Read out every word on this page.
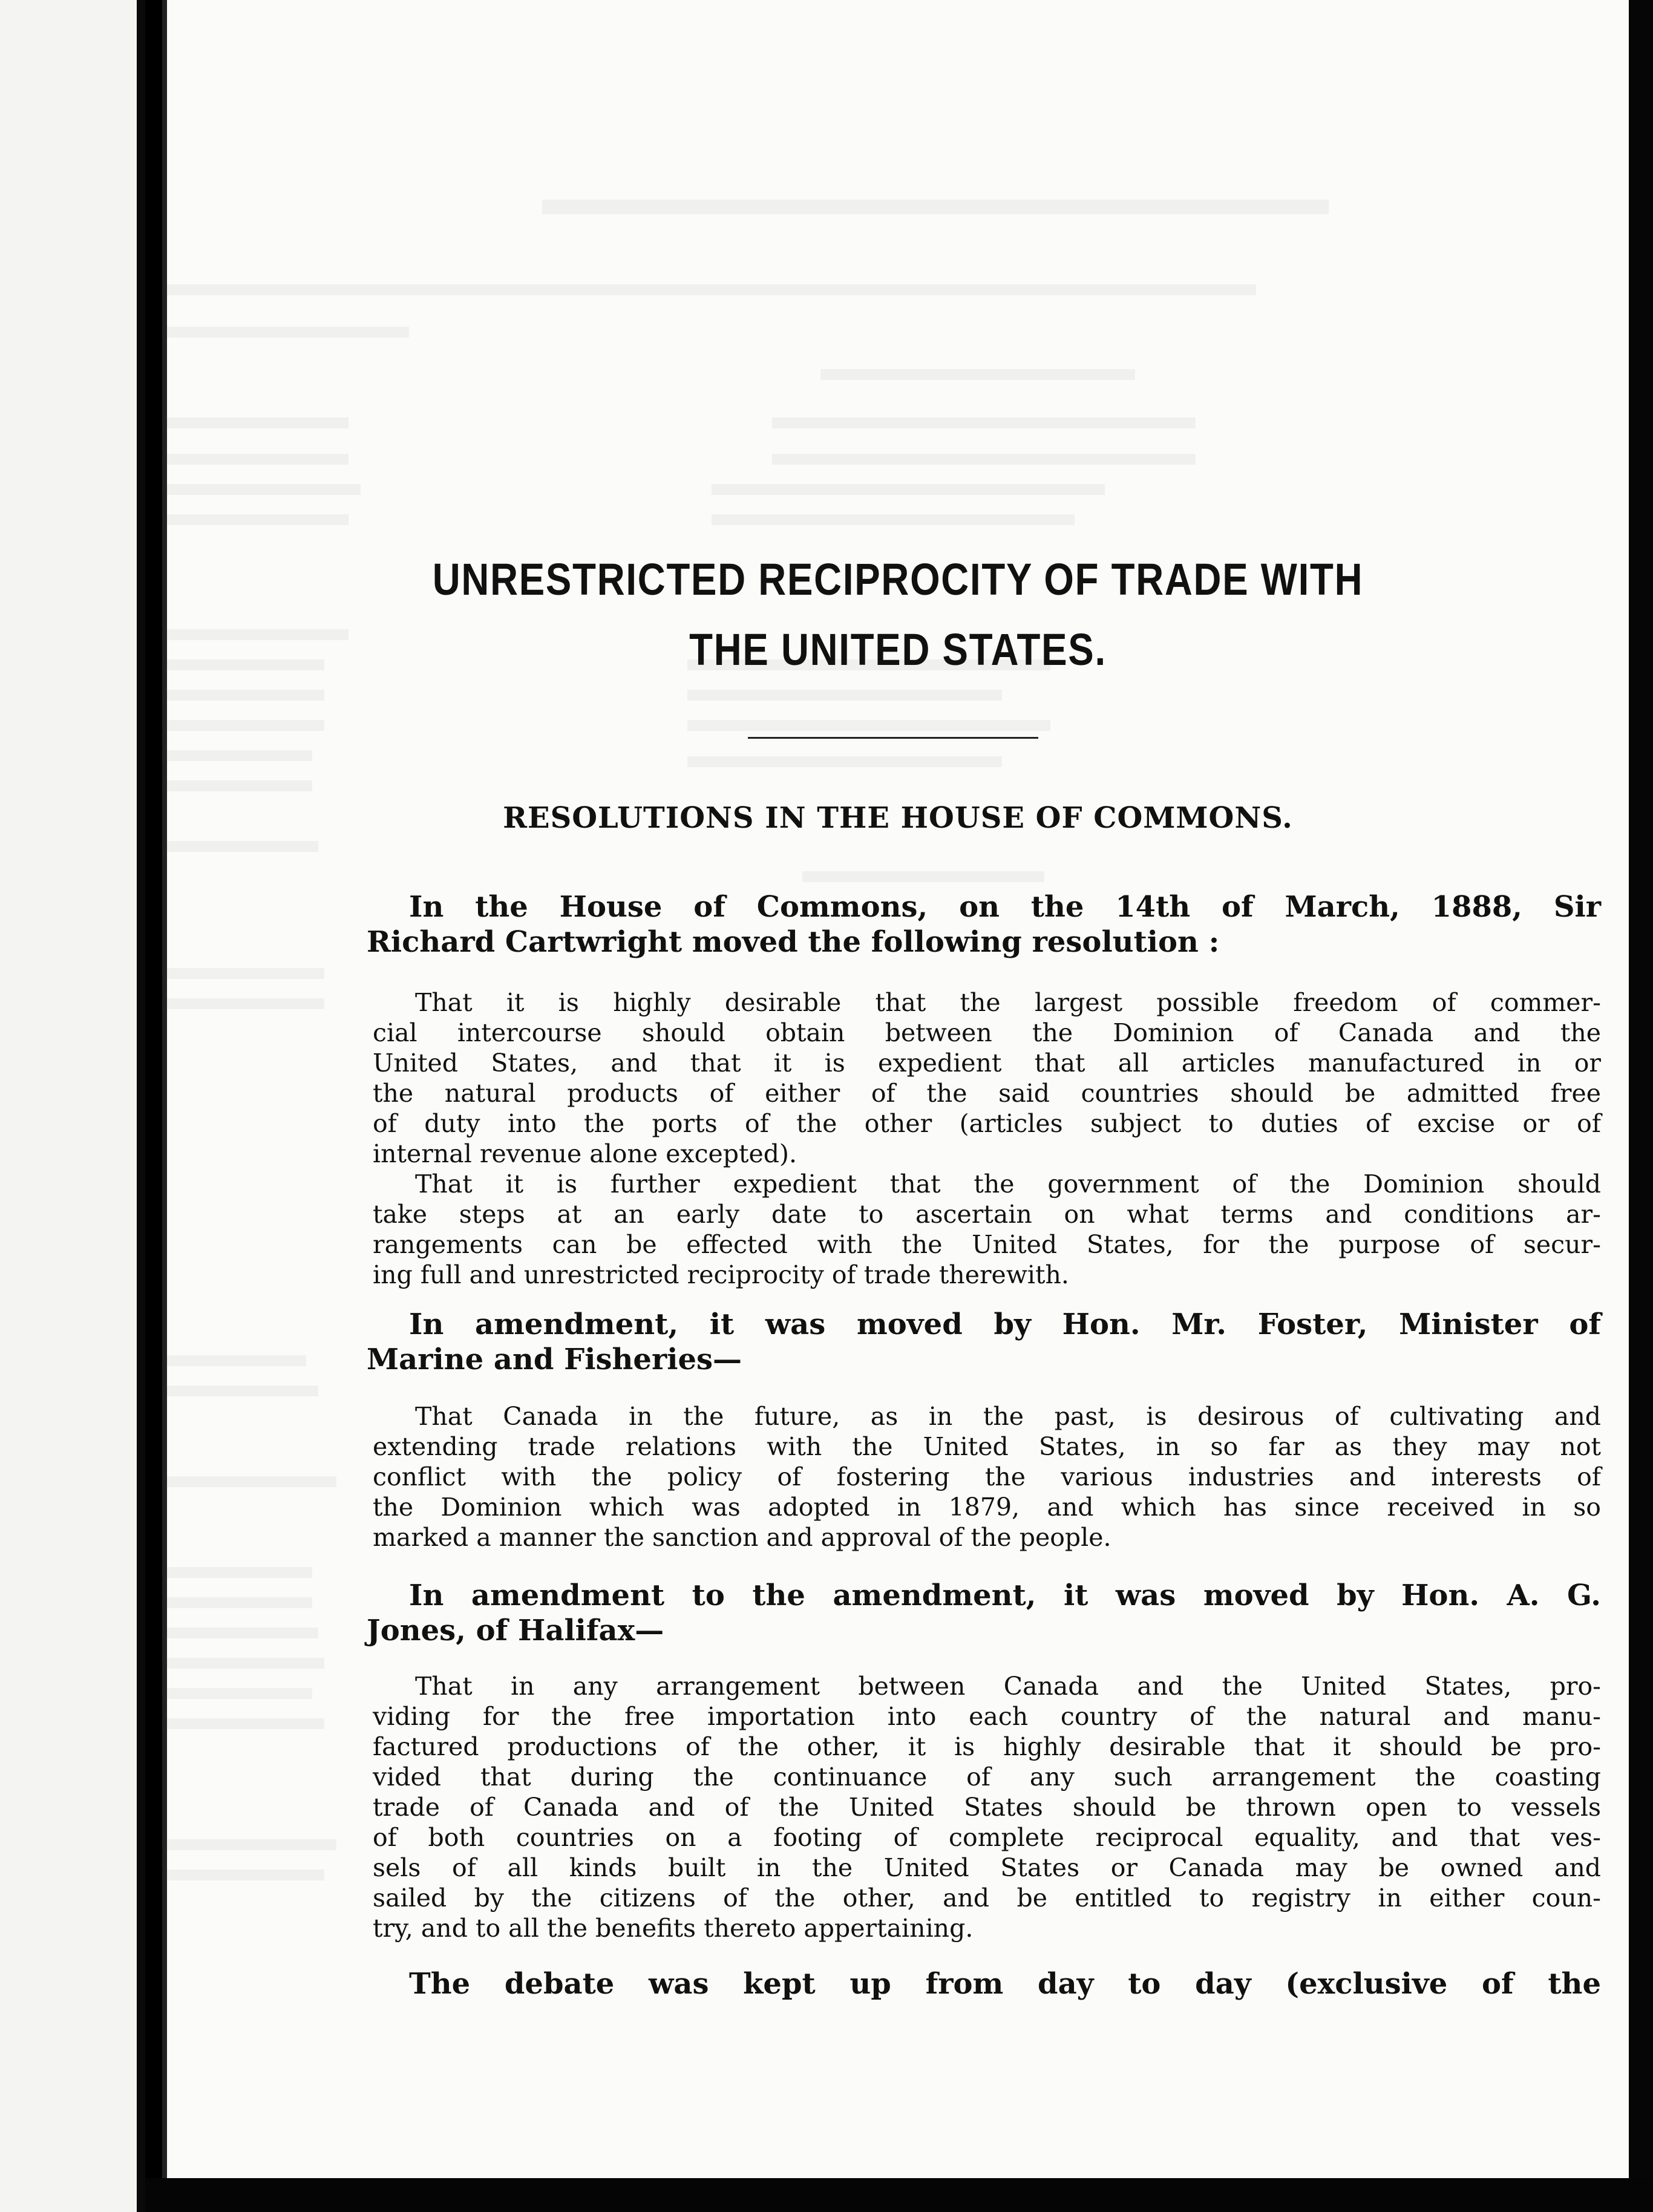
UNRESTRICTED RECIPROCITY OF TRADE WITH
THE UNITED STATES.
RESOLUTIONS IN THE HOUSE OF COMMONS.
In the House of Commons, on the 14th of March, 1888, Sir
Richard Cartwright moved the following resolution :
That it is highly desirable that the largest possible freedom of commer-
cial intercourse should obtain between the Dominion of Canada and the
United States, and that it is expedient that all articles manufactured in or
the natural products of either of the said countries should be admitted free
of duty into the ports of the other (articles subject to duties of excise or of
internal revenue alone excepted).
That it is further expedient that the government of the Dominion should
take steps at an early date to ascertain on what terms and conditions ar-
rangements can be effected with the United States, for the purpose of secur-
ing full and unrestricted reciprocity of trade therewith.
In amendment, it was moved by Hon. Mr. Foster, Minister of
Marine and Fisheries—
That Canada in the future, as in the past, is desirous of cultivating and
extending trade relations with the United States, in so far as they may not
conflict with the policy of fostering the various industries and interests of
the Dominion which was adopted in 1879, and which has since received in so
marked a manner the sanction and approval of the people.
In amendment to the amendment, it was moved by Hon. A. G.
Jones, of Halifax—
That in any arrangement between Canada and the United States, pro-
viding for the free importation into each country of the natural and manu-
factured productions of the other, it is highly desirable that it should be pro-
vided that during the continuance of any such arrangement the coasting
trade of Canada and of the United States should be thrown open to vessels
of both countries on a footing of complete reciprocal equality, and that ves-
sels of all kinds built in the United States or Canada may be owned and
sailed by the citizens of the other, and be entitled to registry in either coun-
try, and to all the benefits thereto appertaining.
The debate was kept up from day to day (exclusive of the
